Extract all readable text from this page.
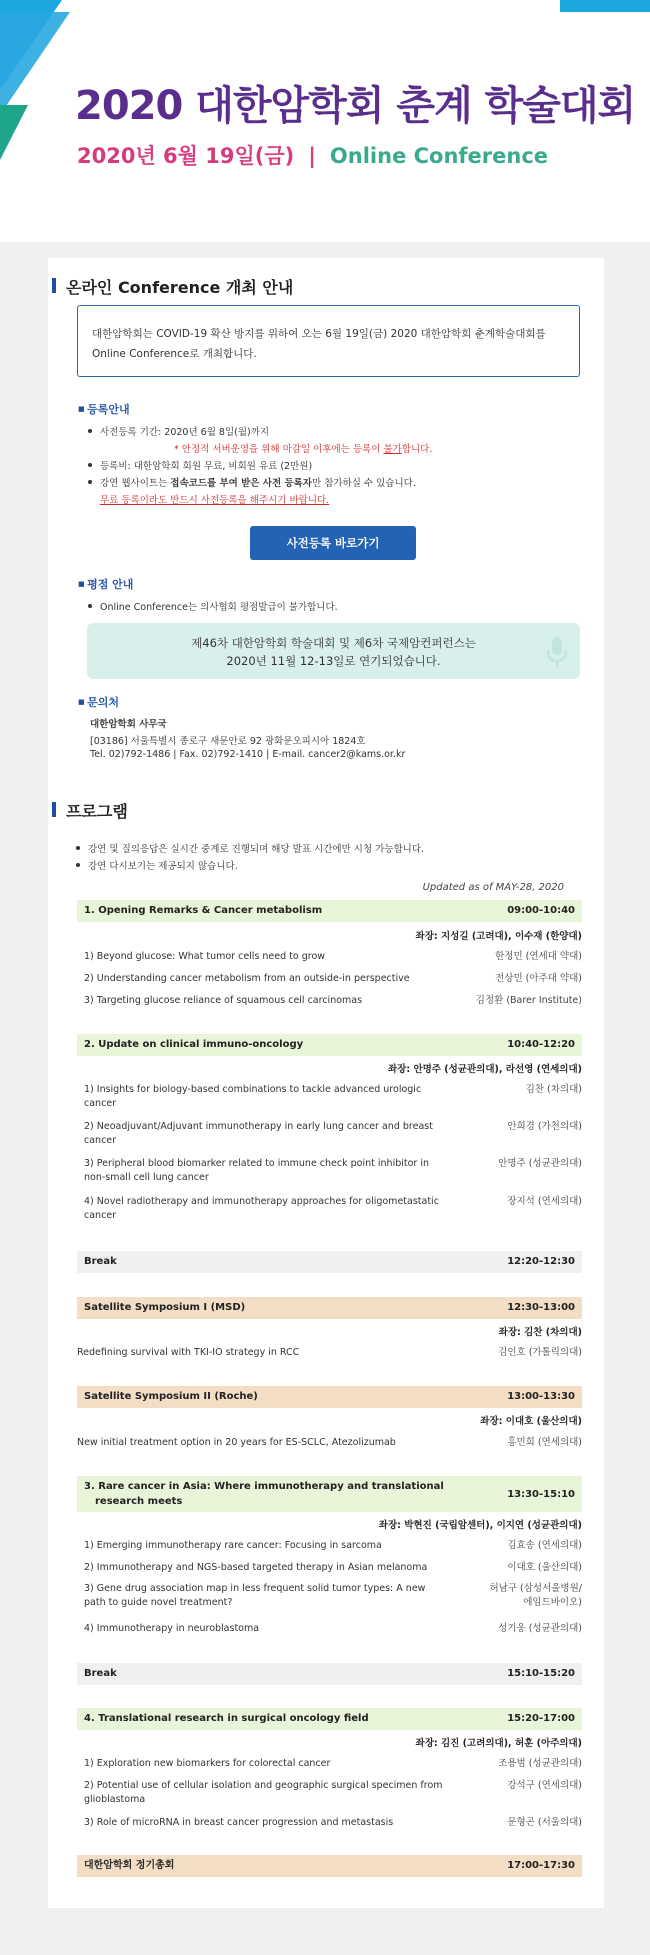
2020 대한암학회 춘계 학술대회
2020년 6월 19일(금) | Online Conference
온라인 Conference 개최 안내
대한암학회는 COVID-19 확산 방지를 위하여 오는 6월 19일(금) 2020 대한암학회 춘계학술대회를 Online Conference로 개최합니다.
■ 등록안내
사전등록 기간: 2020년 6월 8일(월)까지
* 안정적 서버운영을 위해 마감일 이후에는 등록이 불가합니다.
등록비: 대한암학회 회원 무료, 비회원 유료 (2만원)
강연 웹사이트는 접속코드를 부여 받은 사전 등록자만 참가하실 수 있습니다.
무료 등록이라도 반드시 사전등록을 해주시기 바랍니다.
사전등록 바로가기
■ 평점 안내
Online Conference는 의사협회 평점발급이 불가합니다.
제46차 대한암학회 학술대회 및 제6차 국제암컨퍼런스는
2020년 11월 12-13일로 연기되었습니다.
■ 문의처
대한암학회 사무국
[03186] 서울특별시 종로구 새문안로 92 광화문오피시아 1824호
Tel. 02)792-1486 | Fax. 02)792-1410 | E-mail. cancer2@kams.or.kr
프로그램
강연 및 질의응답은 실시간 중계로 진행되며 해당 발표 시간에만 시청 가능합니다.
강연 다시보기는 제공되지 않습니다.
Updated as of MAY-28, 2020
1. Opening Remarks & Cancer metabolism	09:00-10:40
좌장: 지성길 (고려대), 이수재 (한양대)
1) Beyond glucose: What tumor cells need to grow	한정민 (연세대 약대)
2) Understanding cancer metabolism from an outside-in perspective	전상민 (아주대 약대)
3) Targeting glucose reliance of squamous cell carcinomas	김정환 (Barer Institute)
2. Update on clinical immuno-oncology	10:40-12:20
좌장: 안명주 (성균관의대), 라선영 (연세의대)
1) Insights for biology-based combinations to tackle advanced urologic cancer
김찬 (차의대)
2) Neoadjuvant/Adjuvant immunotherapy in early lung cancer and breast cancer
안희경 (가천의대)
3) Peripheral blood biomarker related to immune check point inhibitor in non-small cell lung cancer
안명주 (성균관의대)
4) Novel radiotherapy and immunotherapy approaches for oligometastatic cancer
장지석 (연세의대)
Break	12:20-12:30
Satellite Symposium I (MSD)	12:30-13:00
좌장: 김찬 (차의대)
Redefining survival with TKI-IO strategy in RCC	김인호 (가톨릭의대)
Satellite Symposium II (Roche)	13:00-13:30
좌장: 이대호 (울산의대)
New initial treatment option in 20 years for ES-SCLC, Atezolizumab	홍민희 (연세의대)
3. Rare cancer in Asia: Where immunotherapy and translational
research meets
13:30-15:10
좌장: 박현진 (국립암센터), 이지연 (성균관의대)
1) Emerging immunotherapy rare cancer: Focusing in sarcoma	김효송 (연세의대)
2) Immunotherapy and NGS-based targeted therapy in Asian melanoma	이대호 (울산의대)
3) Gene drug association map in less frequent solid tumor types: A new path to guide novel treatment?
허남구 (삼성서울병원/
에임드바이오)
4) Immunotherapy in neuroblastoma	성기웅 (성균관의대)
Break	15:10-15:20
4. Translational research in surgical oncology field	15:20-17:00
좌장: 김진 (고려의대), 허훈 (아주의대)
1) Exploration new biomarkers for colorectal cancer	조용범 (성균관의대)
2) Potential use of cellular isolation and geographic surgical specimen from glioblastoma
강석구 (연세의대)
3) Role of microRNA in breast cancer progression and metastasis	문형곤 (서울의대)
대한암학회 정기총회	17:00-17:30
